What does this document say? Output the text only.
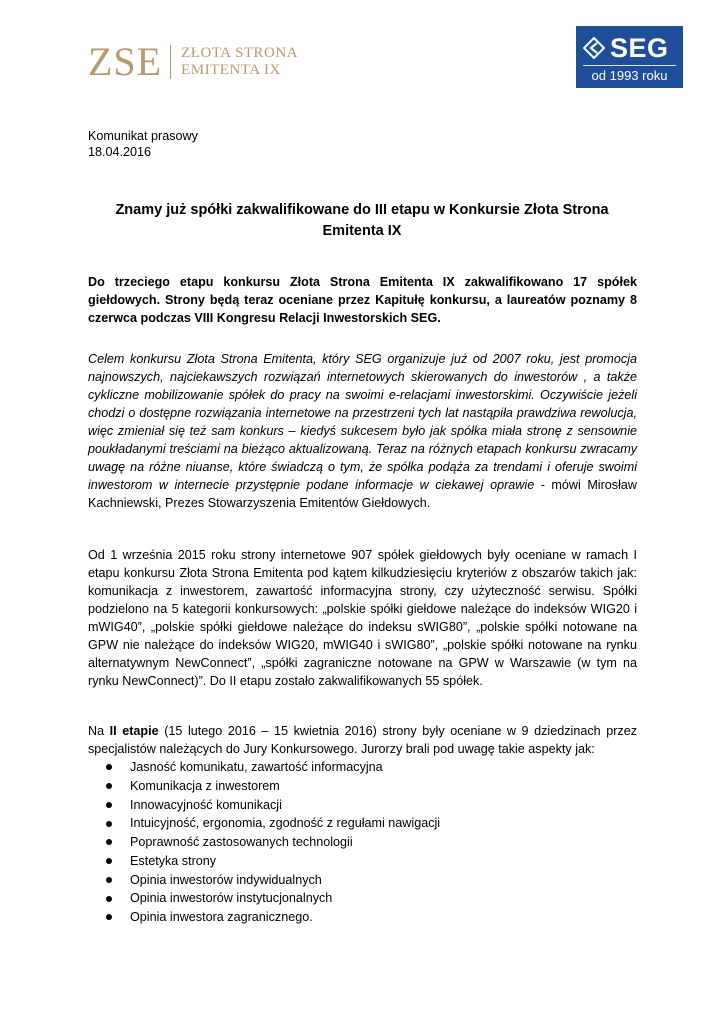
ZSE ZŁOTA STRONA
EMITENTA IX
SEG
od 1993 roku
Komunikat prasowy
18.04.2016
Znamy już spółki zakwalifikowane do III etapu w Konkursie Złota Strona
Emitenta IX

Do trzeciego etapu konkursu Złota Strona Emitenta IX zakwalifikowano 17 spółek giełdowych. Strony będą teraz oceniane przez Kapitułę konkursu, a laureatów poznamy 8 czerwca podczas VIII Kongresu Relacji Inwestorskich SEG.

Celem konkursu Złota Strona Emitenta, który SEG organizuje już od 2007 roku, jest promocja najnowszych, najciekawszych rozwiązań internetowych skierowanych do inwestorów , a także cykliczne mobilizowanie spółek do pracy na swoimi e-relacjami inwestorskimi. Oczywiście jeżeli chodzi o dostępne rozwiązania internetowe na przestrzeni tych lat nastąpiła prawdziwa rewolucja, więc zmieniał się też sam konkurs – kiedyś sukcesem było jak spółka miała stronę z sensownie poukładanymi treściami na bieżąco aktualizowaną. Teraz na różnych etapach konkursu zwracamy uwagę na różne niuanse, które świadczą o tym, że spółka podąża za trendami i oferuje swoimi inwestorom w internecie przystępnie podane informacje w ciekawej oprawie - mówi Mirosław Kachniewski, Prezes Stowarzyszenia Emitentów Giełdowych.

Od 1 września 2015 roku strony internetowe 907 spółek giełdowych były oceniane w ramach I etapu konkursu Złota Strona Emitenta pod kątem kilkudziesięciu kryteriów z obszarów takich jak: komunikacja z inwestorem, zawartość informacyjna strony, czy użyteczność serwisu. Spółki podzielono na 5 kategorii konkursowych: „polskie spółki giełdowe należące do indeksów WIG20 i mWIG40”, „polskie spółki giełdowe należące do indeksu sWIG80”, „polskie spółki notowane na GPW nie należące do indeksów WIG20, mWIG40 i sWIG80”, „polskie spółki notowane na rynku alternatywnym NewConnect”, „spółki zagraniczne notowane na GPW w Warszawie (w tym na rynku NewConnect)”. Do II etapu zostało zakwalifikowanych 55 spółek.

Na II etapie (15 lutego 2016 – 15 kwietnia 2016) strony były oceniane w 9 dziedzinach przez specjalistów należących do Jury Konkursowego. Jurorzy brali pod uwagę takie aspekty jak:

Jasność komunikatu, zawartość informacyjna
Komunikacja z inwestorem
Innowacyjność komunikacji
Intuicyjność, ergonomia, zgodność z regułami nawigacji
Poprawność zastosowanych technologii
Estetyka strony
Opinia inwestorów indywidualnych
Opinia inwestorów instytucjonalnych
Opinia inwestora zagranicznego.
